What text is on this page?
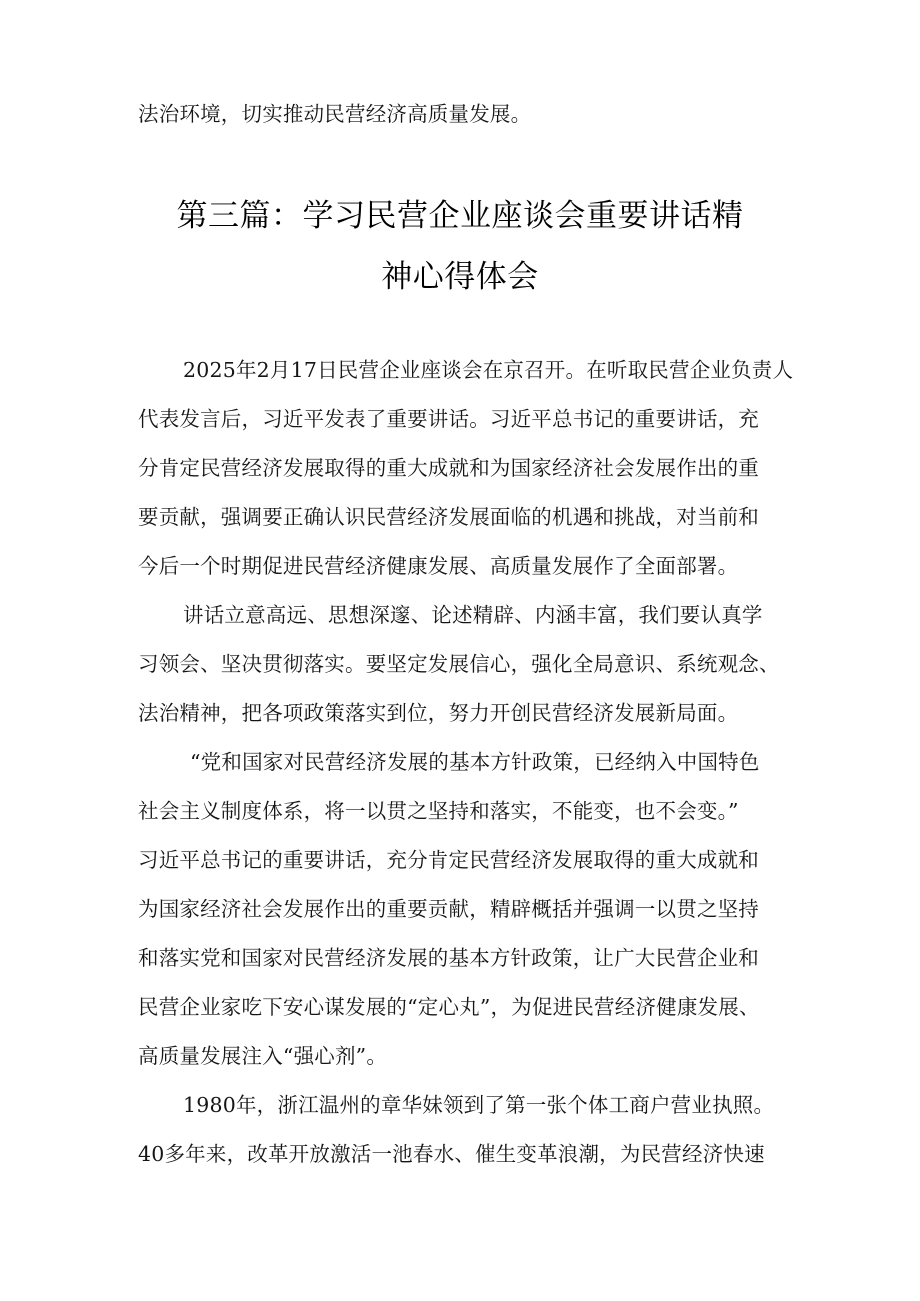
法治环境，切实推动民营经济高质量发展。
第三篇：学习民营企业座谈会重要讲话精
神心得体会
2025年2月17日民营企业座谈会在京召开。在听取民营企业负责人
代表发言后，习近平发表了重要讲话。习近平总书记的重要讲话，充
分肯定民营经济发展取得的重大成就和为国家经济社会发展作出的重
要贡献，强调要正确认识民营经济发展面临的机遇和挑战，对当前和
今后一个时期促进民营经济健康发展、高质量发展作了全面部署。
讲话立意高远、思想深邃、论述精辟、内涵丰富，我们要认真学
习领会、坚决贯彻落实。要坚定发展信心，强化全局意识、系统观念、
法治精神，把各项政策落实到位，努力开创民营经济发展新局面。
“党和国家对民营经济发展的基本方针政策，已经纳入中国特色
社会主义制度体系，将一以贯之坚持和落实，不能变，也不会变。”
习近平总书记的重要讲话，充分肯定民营经济发展取得的重大成就和
为国家经济社会发展作出的重要贡献，精辟概括并强调一以贯之坚持
和落实党和国家对民营经济发展的基本方针政策，让广大民营企业和
民营企业家吃下安心谋发展的“定心丸”，为促进民营经济健康发展、
高质量发展注入“强心剂”。
1980年，浙江温州的章华妹领到了第一张个体工商户营业执照。
40多年来，改革开放激活一池春水、催生变革浪潮，为民营经济快速
